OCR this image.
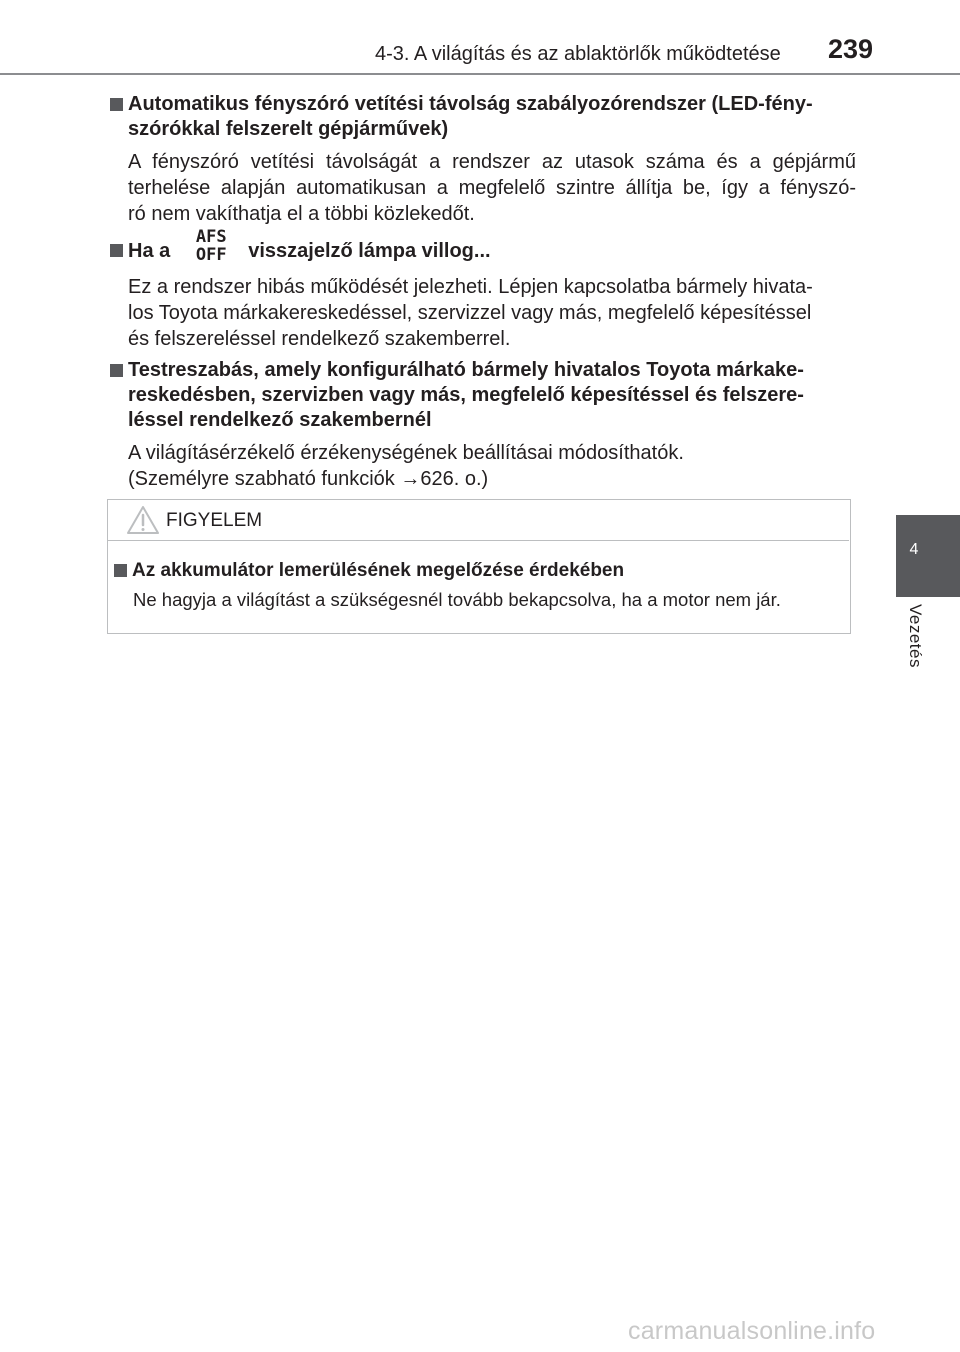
4-3. A világítás és az ablaktörlők működtetése 239
4
Vezetés
Automatikus fényszóró vetítési távolság szabályozórendszer (LED-fény-
szórókkal felszerelt gépjárművek)
A fényszóró vetítési távolságát a rendszer az utasok száma és a gépjármű
terhelése alapján automatikusan a megfelelő szintre állítja be, így a fényszó-
ró nem vakíthatja el a többi közlekedőt.
Ha a
AFS
OFF visszajelző lámpa villog...
Ez a rendszer hibás működését jelezheti. Lépjen kapcsolatba bármely hivata-
los Toyota márkakereskedéssel, szervizzel vagy más, megfelelő képesítéssel
és felszereléssel rendelkező szakemberrel.
Testreszabás, amely konfigurálható bármely hivatalos Toyota márkake-
reskedésben, szervizben vagy más, megfelelő képesítéssel és felszere-
léssel rendelkező szakembernél
A világításérzékelő érzékenységének beállításai módosíthatók.
(Személyre szabható funkciók →626. o.)
FIGYELEM
Az akkumulátor lemerülésének megelőzése érdekében
Ne hagyja a világítást a szükségesnél tovább bekapcsolva, ha a motor nem jár.
carmanualsonline.info
